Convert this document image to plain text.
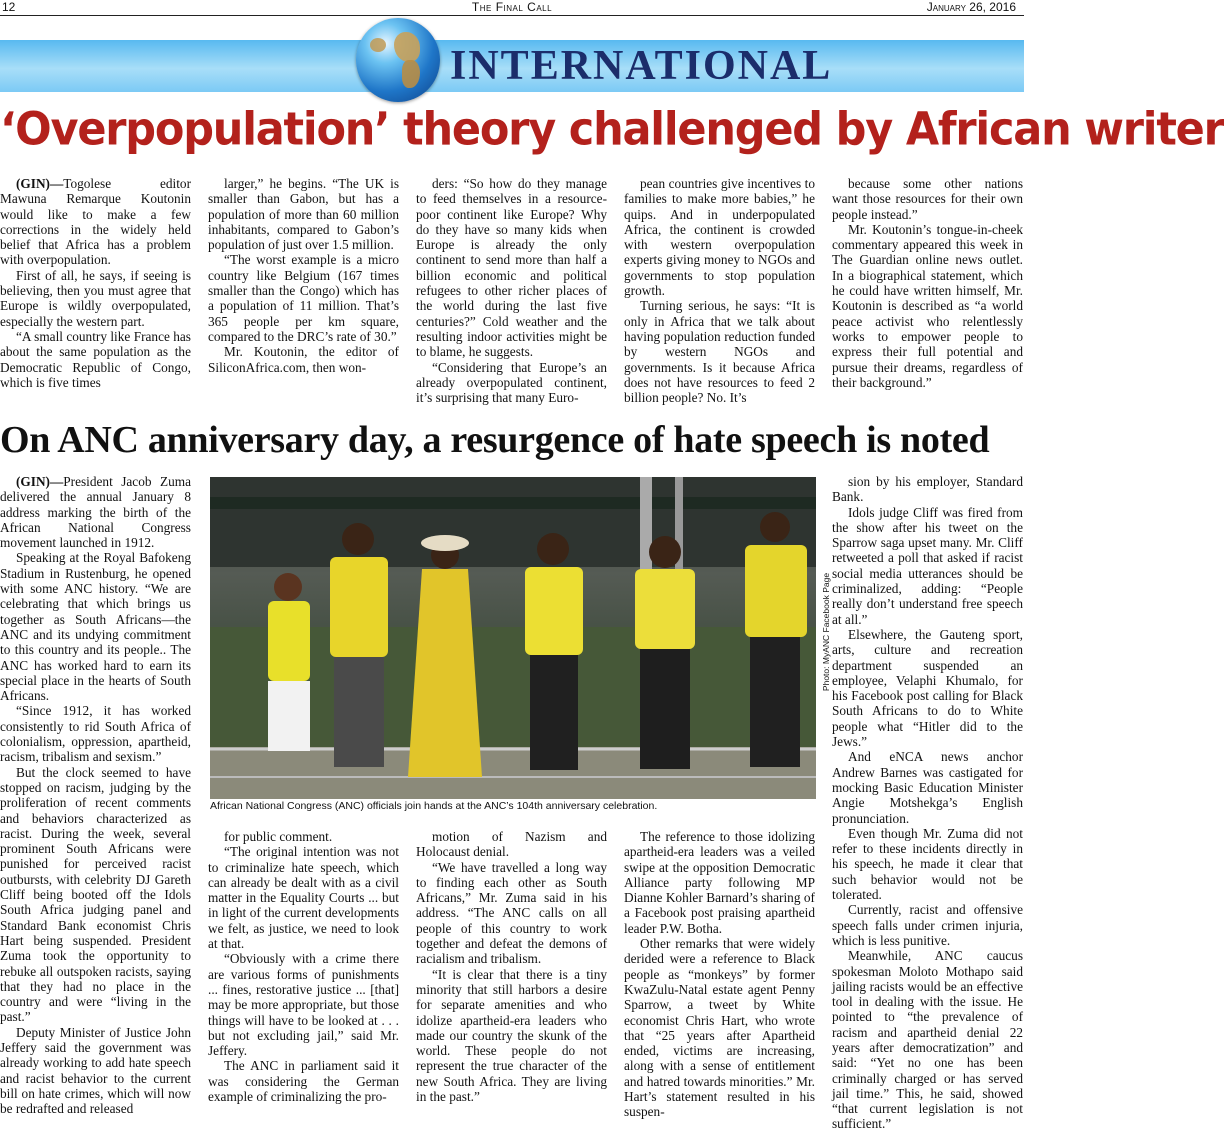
12	The Final Call	January 26, 2016
INTERNATIONAL
‘Overpopulation’ theory challenged by African writer

(GIN)—Togolese editor Mawuna Remarque Koutonin would like to make a few corrections in the widely held belief that Africa has a problem with overpopulation.

First of all, he says, if seeing is believing, then you must agree that Europe is wildly overpopulated, especially the western part.

“A small country like France has about the same population as the Democratic Republic of Congo, which is five times

larger,” he begins. “The UK is smaller than Gabon, but has a population of more than 60 million inhabitants, compared to Gabon’s population of just over 1.5 million.

“The worst example is a micro country like Belgium (167 times smaller than the Congo) which has a population of 11 million. That’s 365 people per km square, compared to the DRC’s rate of 30.”

Mr. Koutonin, the editor of SiliconAfrica.com, then won-

ders: “So how do they manage to feed themselves in a resource-poor continent like Europe? Why do they have so many kids when Europe is already the only continent to send more than half a billion economic and political refugees to other richer places of the world during the last five centuries?” Cold weather and the resulting indoor activities might be to blame, he suggests.

“Considering that Europe’s an already overpopulated continent, it’s surprising that many Euro-

pean countries give incentives to families to make more babies,” he quips. And in underpopulated Africa, the continent is crowded with western overpopulation experts giving money to NGOs and governments to stop population growth.

Turning serious, he says: “It is only in Africa that we talk about having population reduction funded by western NGOs and governments. Is it because Africa does not have resources to feed 2 billion people? No. It’s

because some other nations want those resources for their own people instead.”

Mr. Koutonin’s tongue-in-cheek commentary appeared this week in The Guardian online news outlet. In a biographical statement, which he could have written himself, Mr. Koutonin is described as “a world peace activist who relentlessly works to empower people to express their full potential and pursue their dreams, regardless of their background.”

On ANC anniversary day, a resurgence of hate speech is noted

(GIN)—President Jacob Zuma delivered the annual January 8 address marking the birth of the African National Congress movement launched in 1912.

Speaking at the Royal Bafokeng Stadium in Rustenburg, he opened with some ANC history. “We are celebrating that which brings us together as South Africans—the ANC and its undying commitment to this country and its people.. The ANC has worked hard to earn its special place in the hearts of South Africans.

“Since 1912, it has worked consistently to rid South Africa of colonialism, oppression, apartheid, racism, tribalism and sexism.”

But the clock seemed to have stopped on racism, judging by the proliferation of recent comments and behaviors characterized as racist. During the week, several prominent South Africans were punished for perceived racist outbursts, with celebrity DJ Gareth Cliff being booted off the Idols South Africa judging panel and Standard Bank economist Chris Hart being suspended. President Zuma took the opportunity to rebuke all outspoken racists, saying that they had no place in the country and were “living in the past.”

Deputy Minister of Justice John Jeffery said the government was already working to add hate speech and racist behavior to the current bill on hate crimes, which will now be redrafted and released

Photo: MyANC Facebook Page
African National Congress (ANC) officials join hands at the ANC’s 104th anniversary celebration.

for public comment.

“The original intention was not to criminalize hate speech, which can already be dealt with as a civil matter in the Equality Courts ... but in light of the current developments we felt, as justice, we need to look at that.

“Obviously with a crime there are various forms of punishments ... fines, restorative justice ... [that] may be more appropriate, but those things will have to be looked at . . . but not excluding jail,” said Mr. Jeffery.

The ANC in parliament said it was considering the German example of criminalizing the pro-

motion of Nazism and Holocaust denial.

“We have travelled a long way to finding each other as South Africans,” Mr. Zuma said in his address. “The ANC calls on all people of this country to work together and defeat the demons of racialism and tribalism.

“It is clear that there is a tiny minority that still harbors a desire for separate amenities and who idolize apartheid-era leaders who made our country the skunk of the world. These people do not represent the true character of the new South Africa. They are living in the past.”

The reference to those idolizing apartheid-era leaders was a veiled swipe at the opposition Democratic Alliance party following MP Dianne Kohler Barnard’s sharing of a Facebook post praising apartheid leader P.W. Botha.

Other remarks that were widely derided were a reference to Black people as “monkeys” by former KwaZulu-Natal estate agent Penny Sparrow, a tweet by White economist Chris Hart, who wrote that “25 years after Apartheid ended, victims are increasing, along with a sense of entitlement and hatred towards minorities.” Mr. Hart’s statement resulted in his suspen-

sion by his employer, Standard Bank.

Idols judge Cliff was fired from the show after his tweet on the Sparrow saga upset many. Mr. Cliff retweeted a poll that asked if racist social media utterances should be criminalized, adding: “People really don’t understand free speech at all.”

Elsewhere, the Gauteng sport, arts, culture and recreation department suspended an employee, Velaphi Khumalo, for his Facebook post calling for Black South Africans to do to White people what “Hitler did to the Jews.”

And eNCA news anchor Andrew Barnes was castigated for mocking Basic Education Minister Angie Motshekga’s English pronunciation.

Even though Mr. Zuma did not refer to these incidents directly in his speech, he made it clear that such behavior would not be tolerated.

Currently, racist and offensive speech falls under crimen injuria, which is less punitive.

Meanwhile, ANC caucus spokesman Moloto Mothapo said jailing racists would be an effective tool in dealing with the issue. He pointed to “the prevalence of racism and apartheid denial 22 years after democratization” and said: “Yet no one has been criminally charged or has served jail time.” This, he said, showed “that current legislation is not sufficient.”
